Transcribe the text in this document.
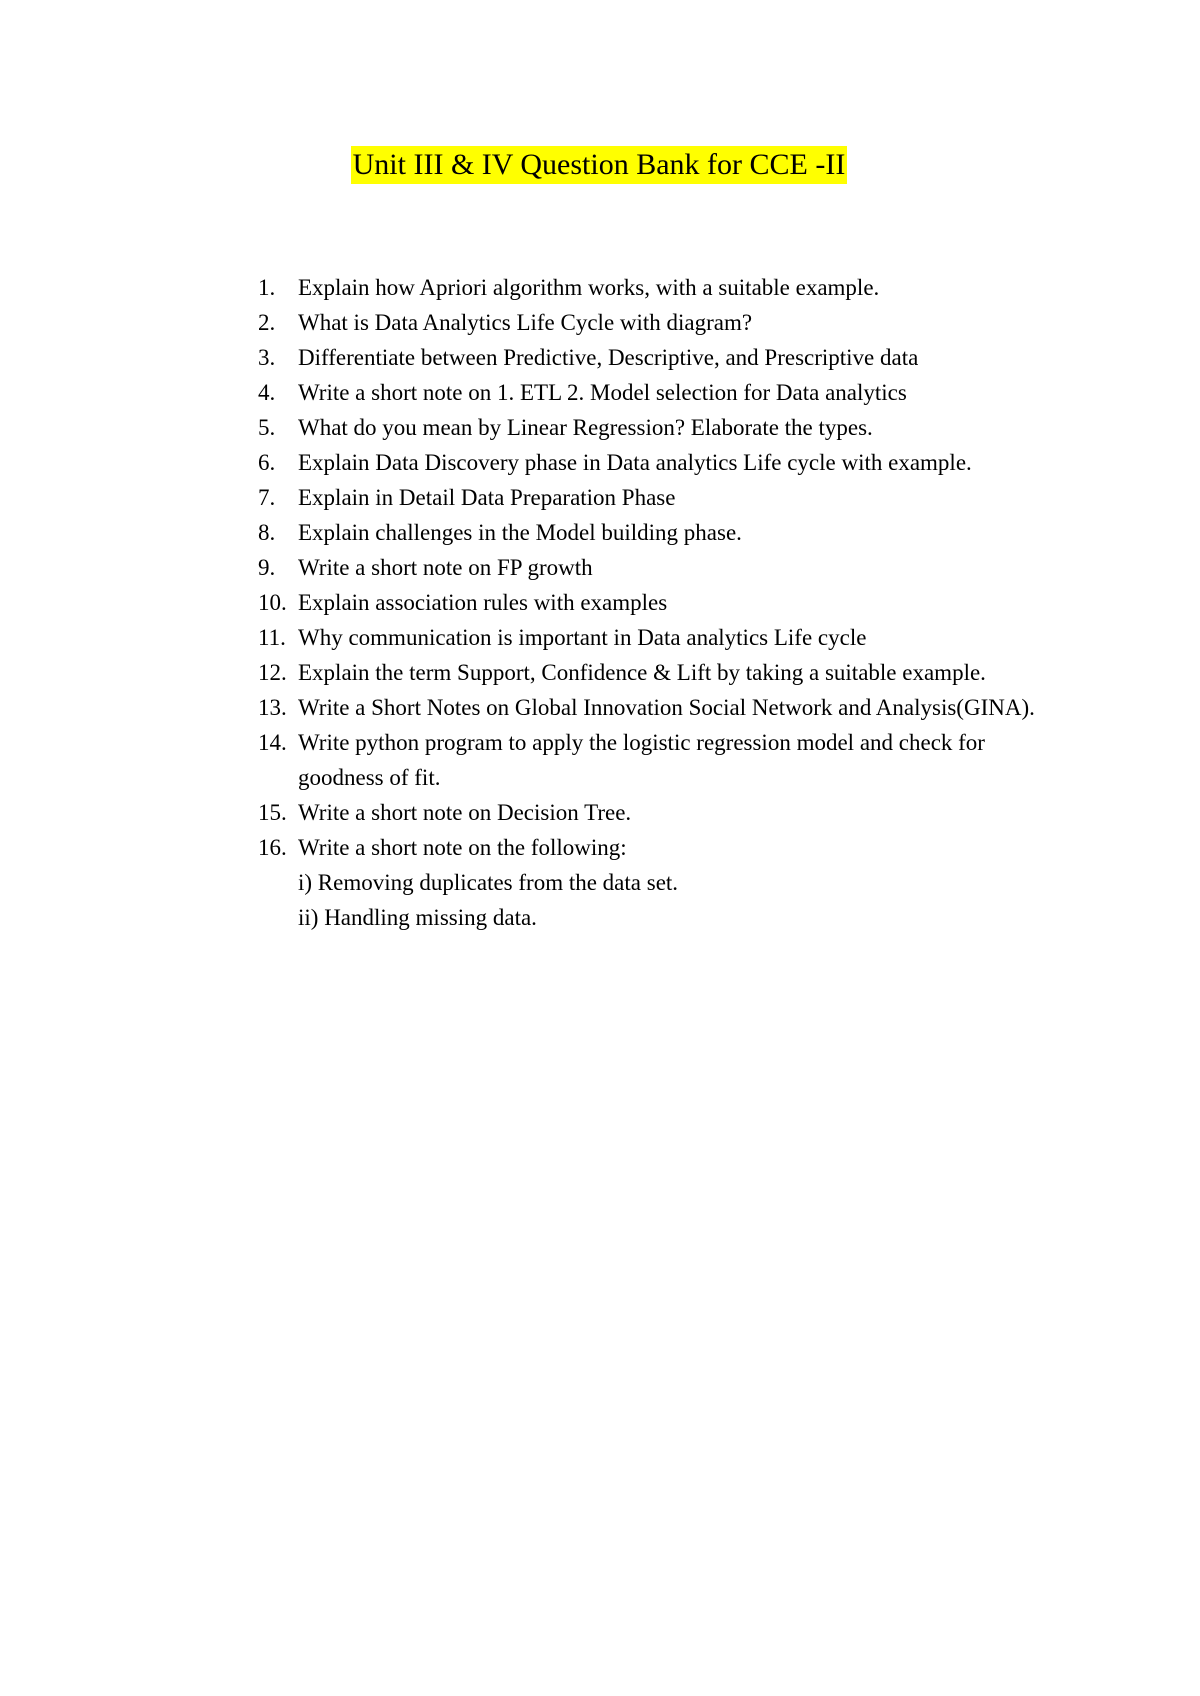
Unit III & IV Question Bank for CCE -II
1. Explain how Apriori algorithm works, with a suitable example.
2. What is Data Analytics Life Cycle with diagram?
3. Differentiate between Predictive, Descriptive, and Prescriptive data
4. Write a short note on 1. ETL 2. Model selection for Data analytics
5. What do you mean by Linear Regression? Elaborate the types.
6. Explain Data Discovery phase in Data analytics Life cycle with example.
7. Explain in Detail Data Preparation Phase
8. Explain challenges in the Model building phase.
9. Write a short note on FP growth
10. Explain association rules with examples
11. Why communication is important in Data analytics Life cycle
12. Explain the term Support, Confidence & Lift by taking a suitable example.
13. Write a Short Notes on Global Innovation Social Network and Analysis(GINA).
14. Write python program to apply the logistic regression model and check for goodness of fit.
15. Write a short note on Decision Tree.
16. Write a short note on the following:
i) Removing duplicates from the data set.
ii) Handling missing data.
